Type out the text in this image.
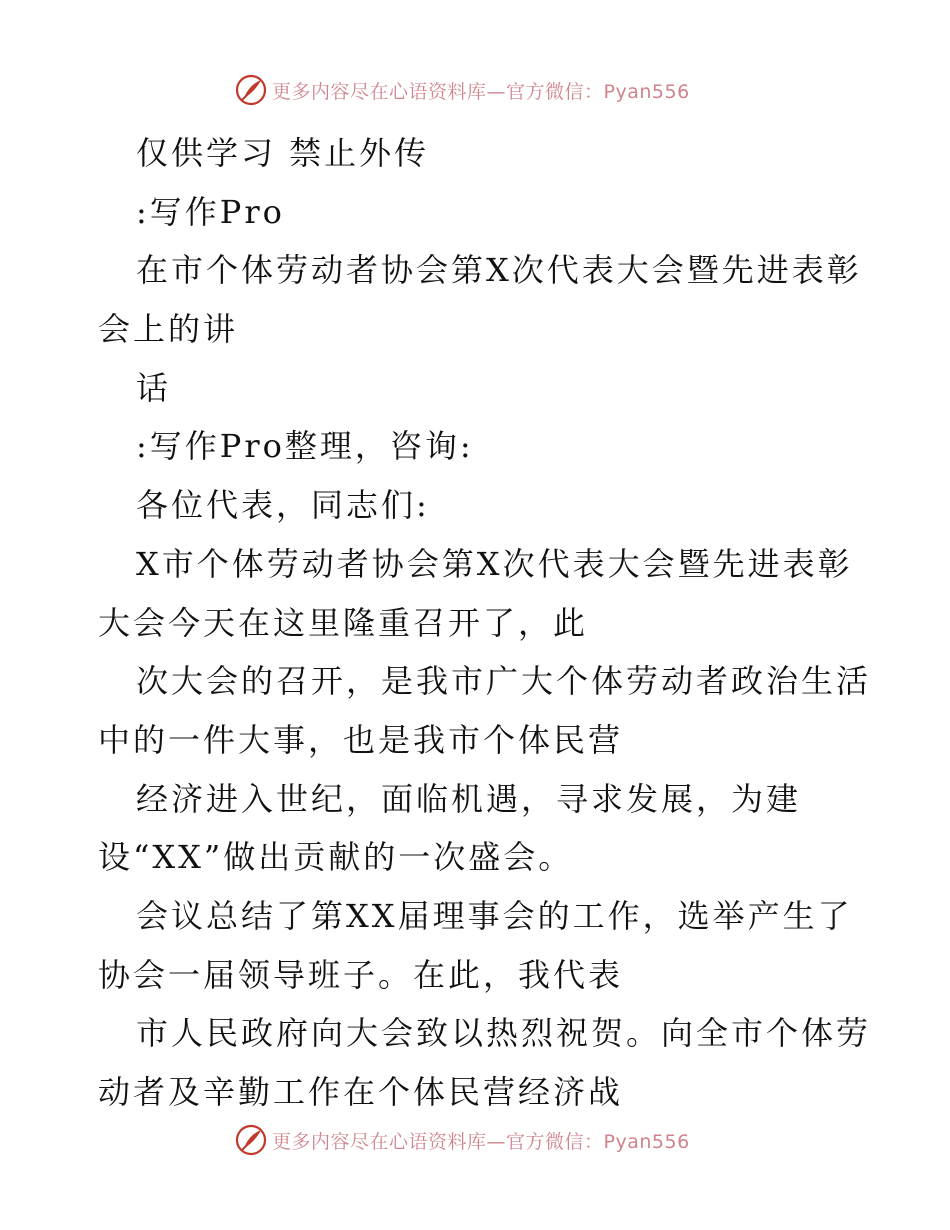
更多内容尽在心语资料库—官方微信：Pyan556
仅供学习 禁止外传
:写作Pro
在市个体劳动者协会第X次代表大会暨先进表彰
会上的讲
话
:写作Pro整理，咨询:
各位代表，同志们:
X市个体劳动者协会第X次代表大会暨先进表彰
大会今天在这里隆重召开了，此
次大会的召开，是我市广大个体劳动者政治生活
中的一件大事，也是我市个体民营
经济进入世纪，面临机遇，寻求发展，为建
设“XX”做出贡献的一次盛会。
会议总结了第XX届理事会的工作，选举产生了
协会一届领导班子。在此，我代表
市人民政府向大会致以热烈祝贺。向全市个体劳
动者及辛勤工作在个体民营经济战
更多内容尽在心语资料库—官方微信：Pyan556
